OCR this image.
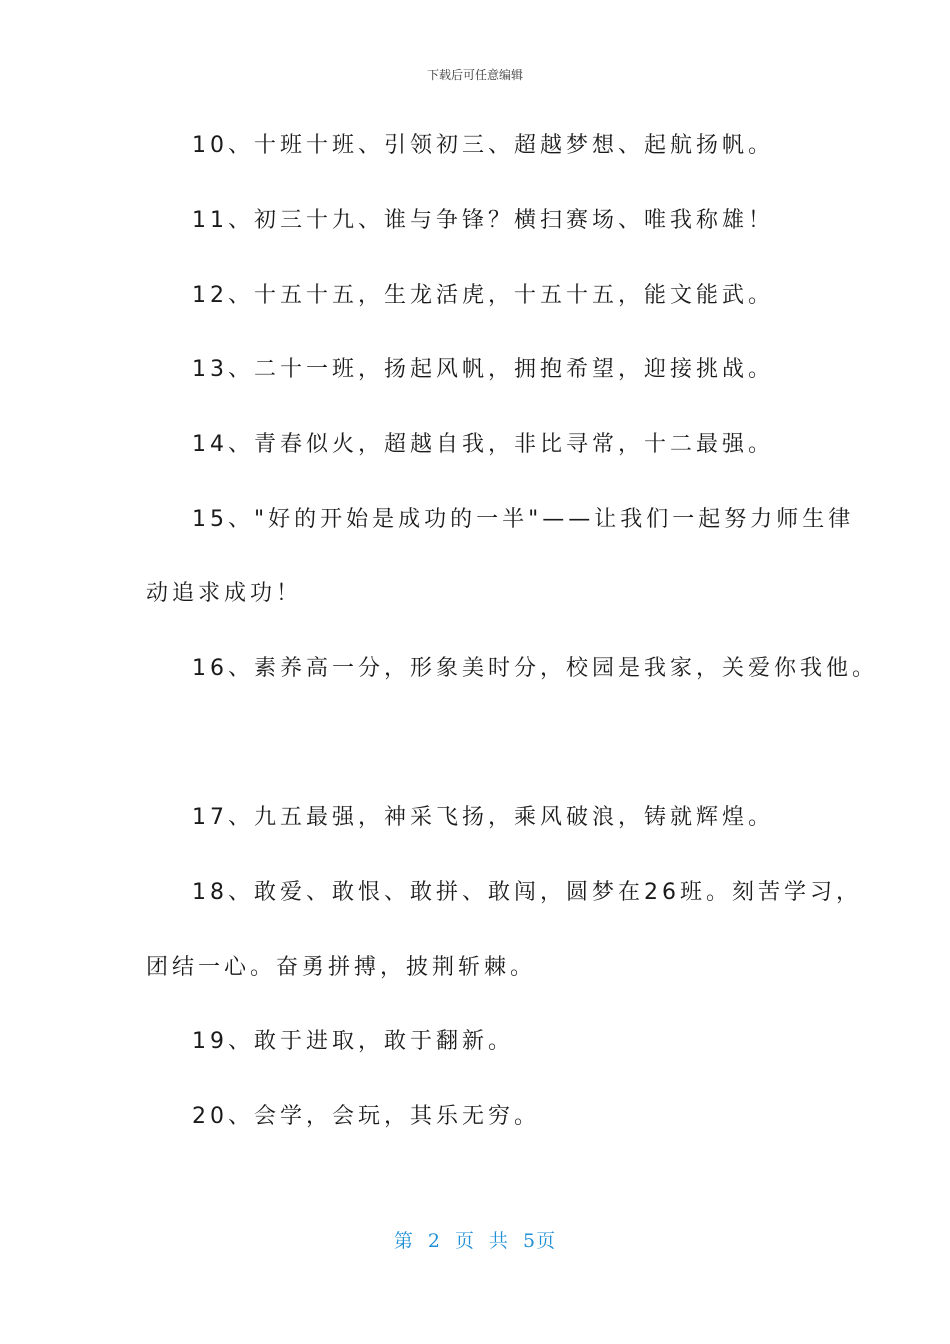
下载后可任意编辑
10、十班十班、引领初三、超越梦想、起航扬帆。
11、初三十九、谁与争锋？横扫赛场、唯我称雄！
12、十五十五，生龙活虎，十五十五，能文能武。
13、二十一班，扬起风帆，拥抱希望，迎接挑战。
14、青春似火，超越自我，非比寻常，十二最强。
15、"好的开始是成功的一半"——让我们一起努力师生律
动追求成功！
16、素养高一分，形象美时分，校园是我家，关爱你我他。
17、九五最强，神采飞扬，乘风破浪，铸就辉煌。
18、敢爱、敢恨、敢拼、敢闯，圆梦在26班。刻苦学习，
团结一心。奋勇拼搏，披荆斩棘。
19、敢于进取，敢于翻新。
20、会学，会玩，其乐无穷。
第 2 页 共 5页
